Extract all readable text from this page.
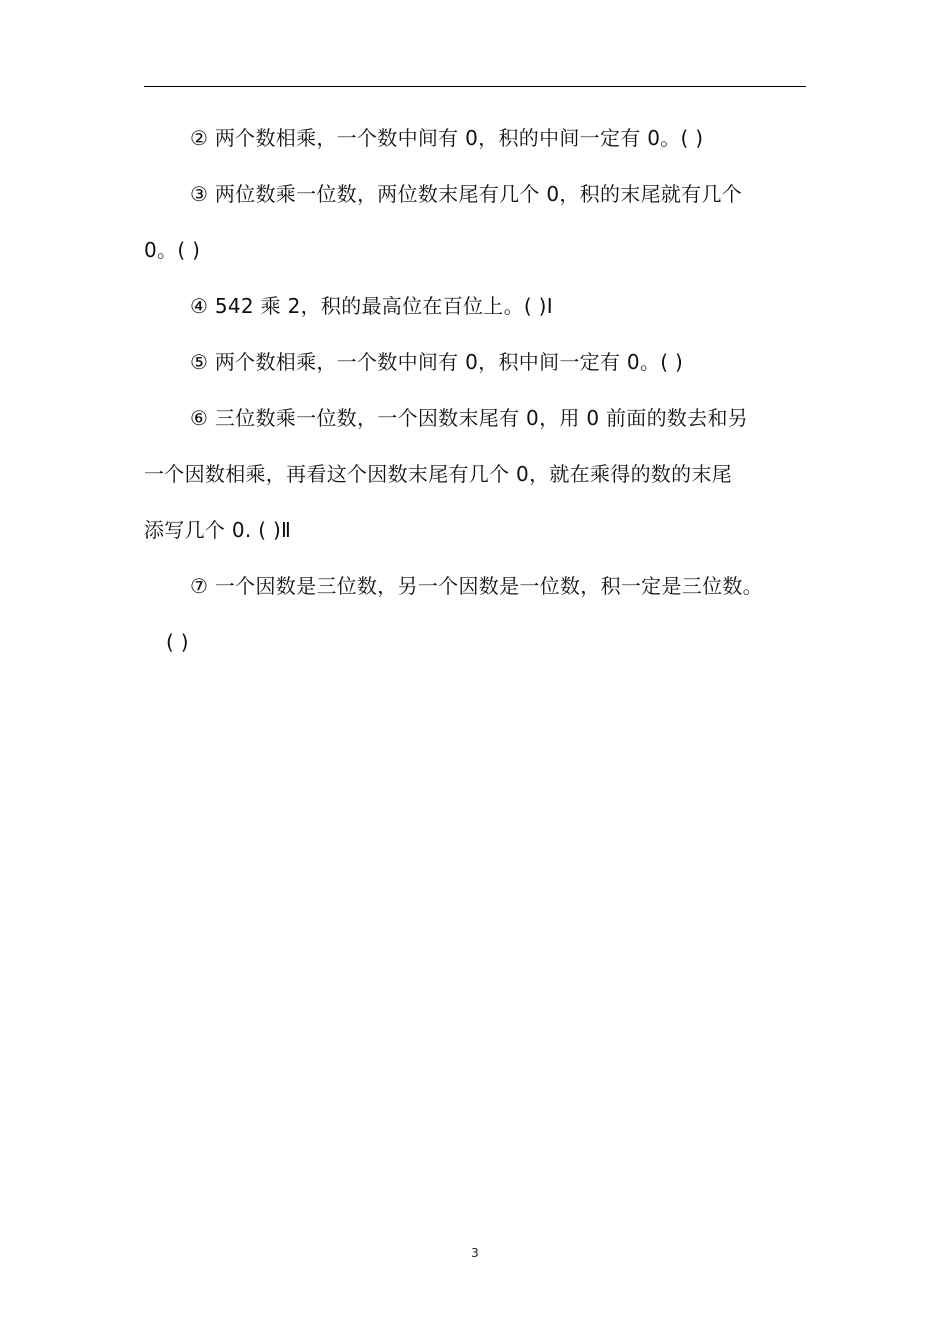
② 两个数相乘，一个数中间有 0，积的中间一定有 0。( )

③ 两位数乘一位数，两位数末尾有几个 0，积的末尾就有几个
0。( )

④ 542 乘 2，积的最高位在百位上。( )Ⅰ

⑤ 两个数相乘，一个数中间有 0，积中间一定有 0。( )

⑥ 三位数乘一位数，一个因数末尾有 0，用 0 前面的数去和另
一个因数相乘，再看这个因数末尾有几个 0，就在乘得的数的末尾
添写几个 0. ( )Ⅱ

⑦ 一个因数是三位数，另一个因数是一位数，积一定是三位数。
( )

3
